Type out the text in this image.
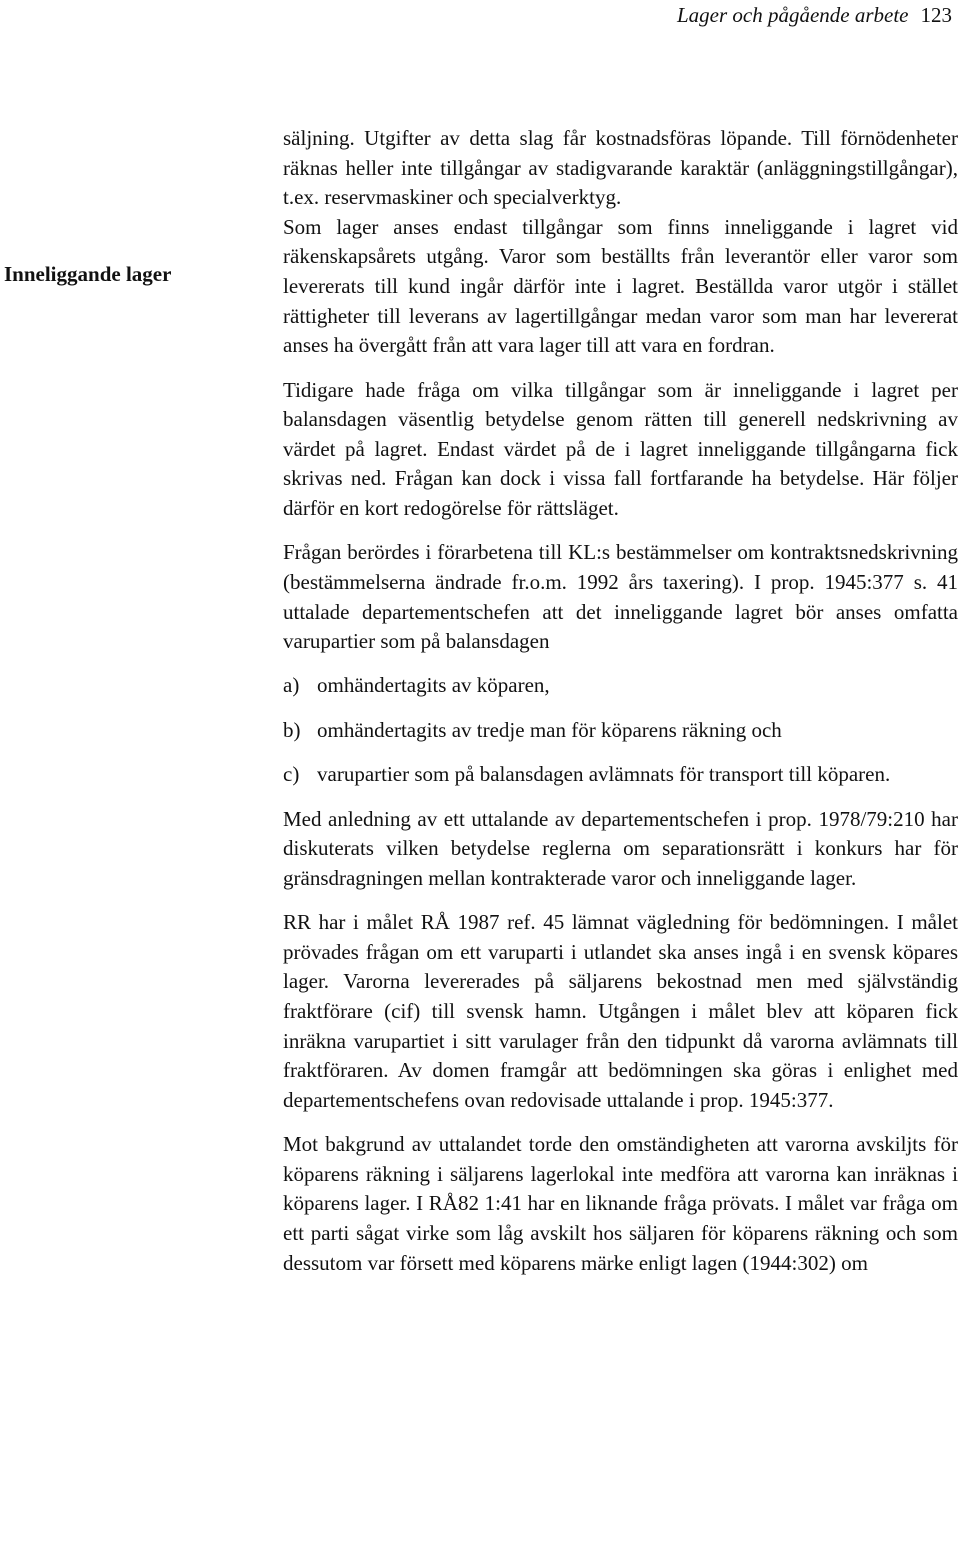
Lager och pågående arbete 123
Inneliggande lager

säljning. Utgifter av detta slag får kostnadsföras löpande. Till förnödenheter räknas heller inte tillgångar av stadigvarande karaktär (anläggningstillgångar), t.ex. reservmaskiner och specialverktyg.

Som lager anses endast tillgångar som finns inneliggande i lagret vid räkenskapsårets utgång. Varor som beställts från leverantör eller varor som levererats till kund ingår därför inte i lagret. Beställda varor utgör i stället rättigheter till leverans av lagertillgångar medan varor som man har levererat anses ha övergått från att vara lager till att vara en fordran.

Tidigare hade fråga om vilka tillgångar som är inneliggande i lagret per balansdagen väsentlig betydelse genom rätten till generell nedskrivning av värdet på lagret. Endast värdet på de i lagret inneliggande tillgångarna fick skrivas ned. Frågan kan dock i vissa fall fortfarande ha betydelse. Här följer därför en kort redogörelse för rättsläget.

Frågan berördes i förarbetena till KL:s bestämmelser om kontraktsnedskrivning (bestämmelserna ändrade fr.o.m. 1992 års taxering). I prop. 1945:377 s. 41 uttalade departementschefen att det inneliggande lagret bör anses omfatta varupartier som på balansdagen

a) omhändertagits av köparen,
b) omhändertagits av tredje man för köparens räkning och
c) varupartier som på balansdagen avlämnats för transport till köparen.

Med anledning av ett uttalande av departementschefen i prop. 1978/79:210 har diskuterats vilken betydelse reglerna om separationsrätt i konkurs har för gränsdragningen mellan kontrakterade varor och inneliggande lager.

RR har i målet RÅ 1987 ref. 45 lämnat vägledning för bedömningen. I målet prövades frågan om ett varuparti i utlandet ska anses ingå i en svensk köpares lager. Varorna levererades på säljarens bekostnad men med självständig fraktförare (cif) till svensk hamn. Utgången i målet blev att köparen fick inräkna varupartiet i sitt varulager från den tidpunkt då varorna avlämnats till fraktföraren. Av domen framgår att bedömningen ska göras i enlighet med departementschefens ovan redovisade uttalande i prop. 1945:377.

Mot bakgrund av uttalandet torde den omständigheten att varorna avskiljts för köparens räkning i säljarens lagerlokal inte medföra att varorna kan inräknas i köparens lager. I RÅ82 1:41 har en liknande fråga prövats. I målet var fråga om ett parti sågat virke som låg avskilt hos säljaren för köparens räkning och som dessutom var försett med köparens märke enligt lagen (1944:302) om
